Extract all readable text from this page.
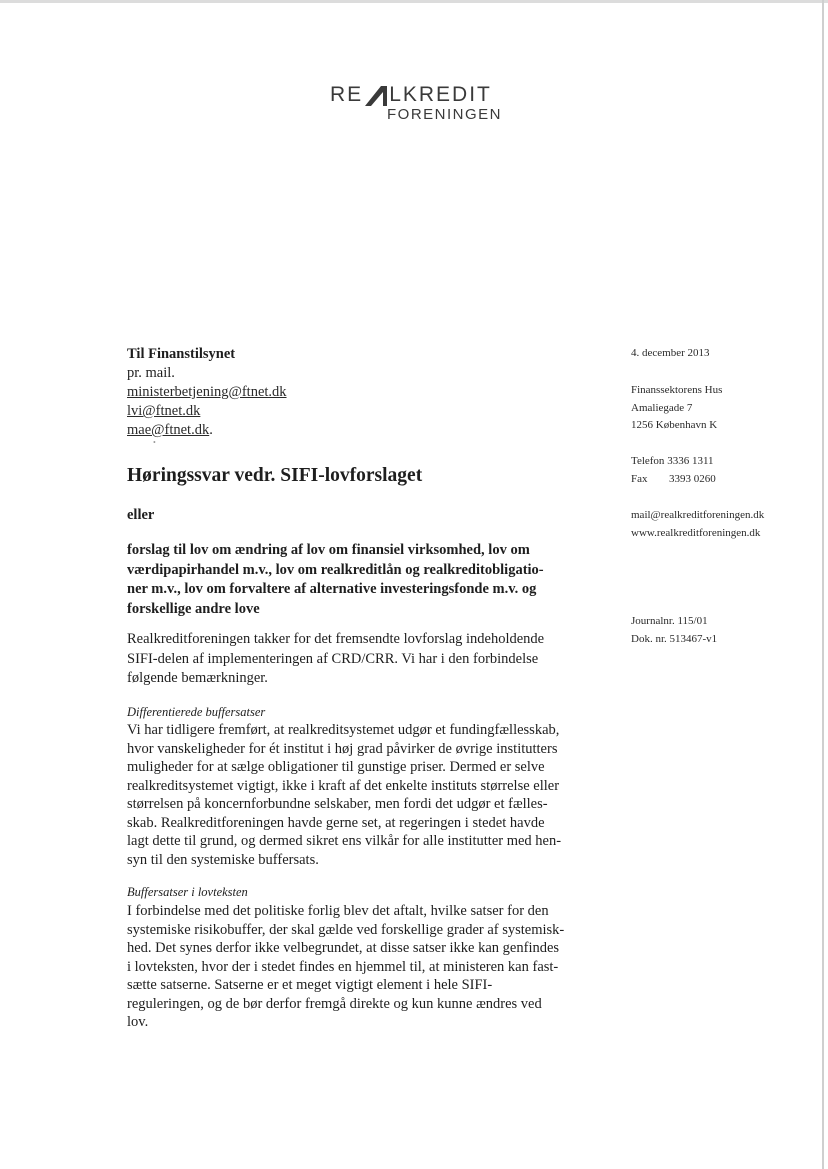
RE LKREDIT
FORENINGEN
Til Finanstilsynet
pr. mail.
ministerbetjening@ftnet.dk
lvi@ftnet.dk
mae@ftnet.dk.
•
4. december 2013
Finanssektorens Hus
Amaliegade 7
1256 København K
Telefon 3336 1311
Fax 3393 0260
mail@realkreditforeningen.dk
www.realkreditforeningen.dk
Journalnr. 115/01
Dok. nr. 513467-v1
Høringssvar vedr. SIFI-lovforslaget
eller
forslag til lov om ændring af lov om finansiel virksomhed, lov om
værdipapirhandel m.v., lov om realkreditlån og realkreditobligatio-
ner m.v., lov om forvaltere af alternative investeringsfonde m.v. og
forskellige andre love
Realkreditforeningen takker for det fremsendte lovforslag indeholdende
SIFI-delen af implementeringen af CRD/CRR. Vi har i den forbindelse
følgende bemærkninger.
Differentierede buffersatser
Vi har tidligere fremført, at realkreditsystemet udgør et fundingfællesskab,
hvor vanskeligheder for ét institut i høj grad påvirker de øvrige institutters
muligheder for at sælge obligationer til gunstige priser. Dermed er selve
realkreditsystemet vigtigt, ikke i kraft af det enkelte instituts størrelse eller
størrelsen på koncernforbundne selskaber, men fordi det udgør et fælles-
skab. Realkreditforeningen havde gerne set, at regeringen i stedet havde
lagt dette til grund, og dermed sikret ens vilkår for alle institutter med hen-
syn til den systemiske buffersats.
Buffersatser i lovteksten
I forbindelse med det politiske forlig blev det aftalt, hvilke satser for den
systemiske risikobuffer, der skal gælde ved forskellige grader af systemisk-
hed. Det synes derfor ikke velbegrundet, at disse satser ikke kan genfindes
i lovteksten, hvor der i stedet findes en hjemmel til, at ministeren kan fast-
sætte satserne. Satserne er et meget vigtigt element i hele SIFI-
reguleringen, og de bør derfor fremgå direkte og kun kunne ændres ved
lov.
